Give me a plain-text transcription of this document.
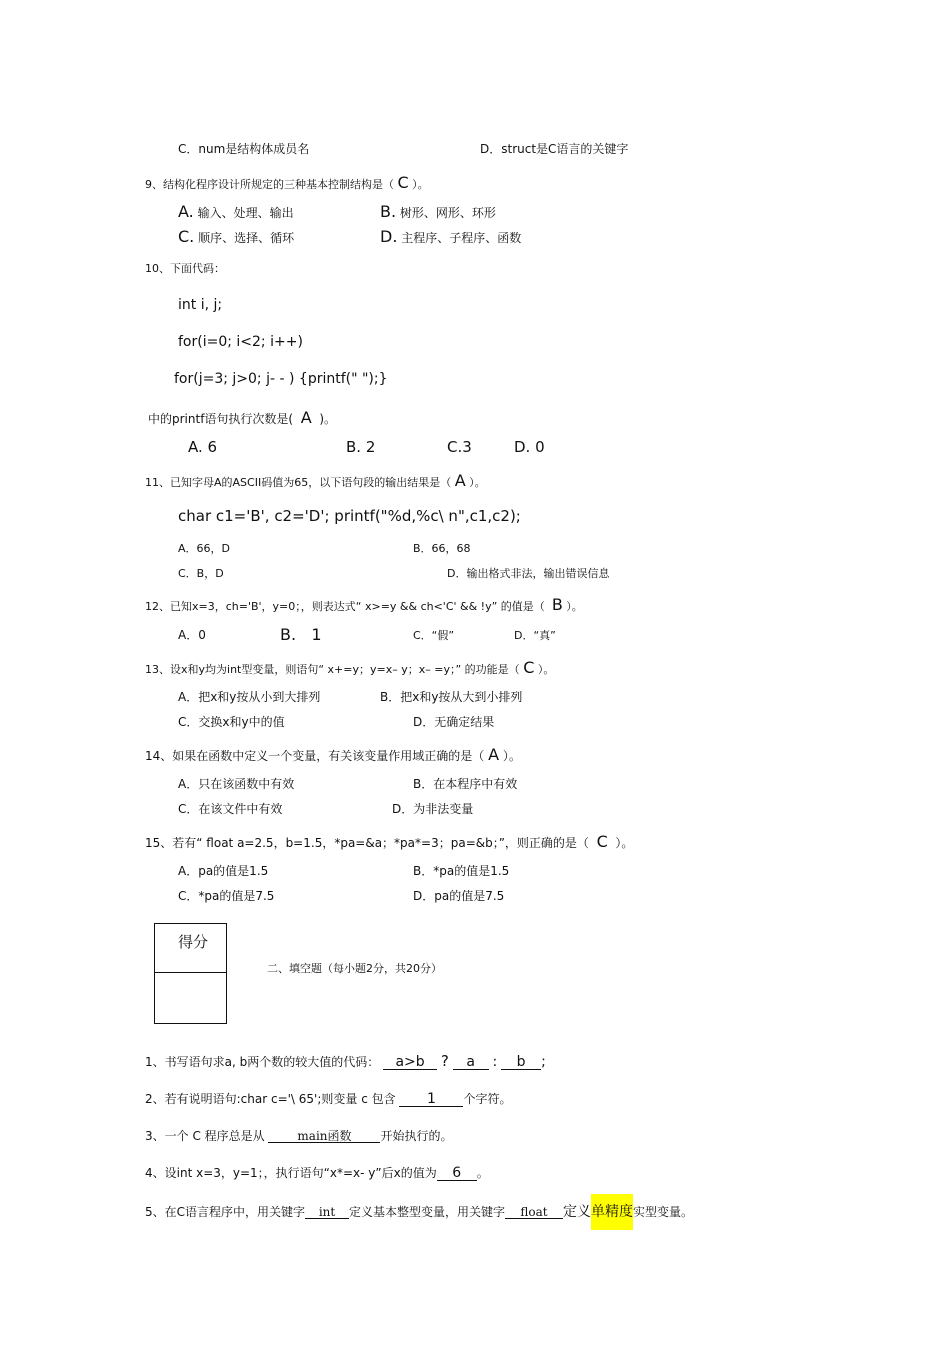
C．num是结构体成员名	D．struct是C语言的关键字
9、结构化程序设计所规定的三种基本控制结构是（ C ）。
A. 输入、处理、输出	B. 树形、网形、环形
C. 顺序、选择、循环	D. 主程序、子程序、函数
10、下面代码：
int i, j;
for(i=0; i<2; i++)
for(j=3; j>0; j- - ) {printf(" ");}
中的printf语句执行次数是( A )。
A. 6	B. 2	C.3	D. 0
11、已知字母A的ASCII码值为65，以下语句段的输出结果是（ A ）。
char c1='B', c2='D'; printf("%d,%c\ n",c1,c2);
A．66，D	B．66，68
C．B，D	D．输出格式非法，输出错误信息
12、已知x=3，ch='B'，y=0；，则表达式“ x>=y && ch<'C' && !y” 的值是（ B ）。
A．0	B.   1	C．“假”	D．“真”
13、设x和y均为int型变量，则语句“ x+=y；y=x– y；x– =y；” 的功能是（ C ）。
A．把x和y按从小到大排列	B．把x和y按从大到小排列
C．交换x和y中的值	D．无确定结果
14、如果在函数中定义一个变量，有关该变量作用域正确的是（ A ）。
A．只在该函数中有效	B．在本程序中有效
C．在该文件中有效	D．为非法变量
15、若有“ float a=2.5，b=1.5，*pa=&a；*pa*=3；pa=&b；”，则正确的是（ C ）。
A．pa的值是1.5	B．*pa的值是1.5
C．*pa的值是7.5	D．pa的值是7.5
得分
二、填空题（每小题2分，共20分）
1、书写语句求a, b两个数的较大值的代码： a>b ? a : b ;
2、若有说明语句:char c='\ 65';则变量 c 包含 1 个字符。
3、一个 C 程序总是从	main函数 开始执行的。
4、设int x=3，y=1；，执行语句“x*=x- y”后x的值为 6 。
5、在C语言程序中，用关键字 int 定义基本整型变量，用关键字 float 定义单精度实型变量。
